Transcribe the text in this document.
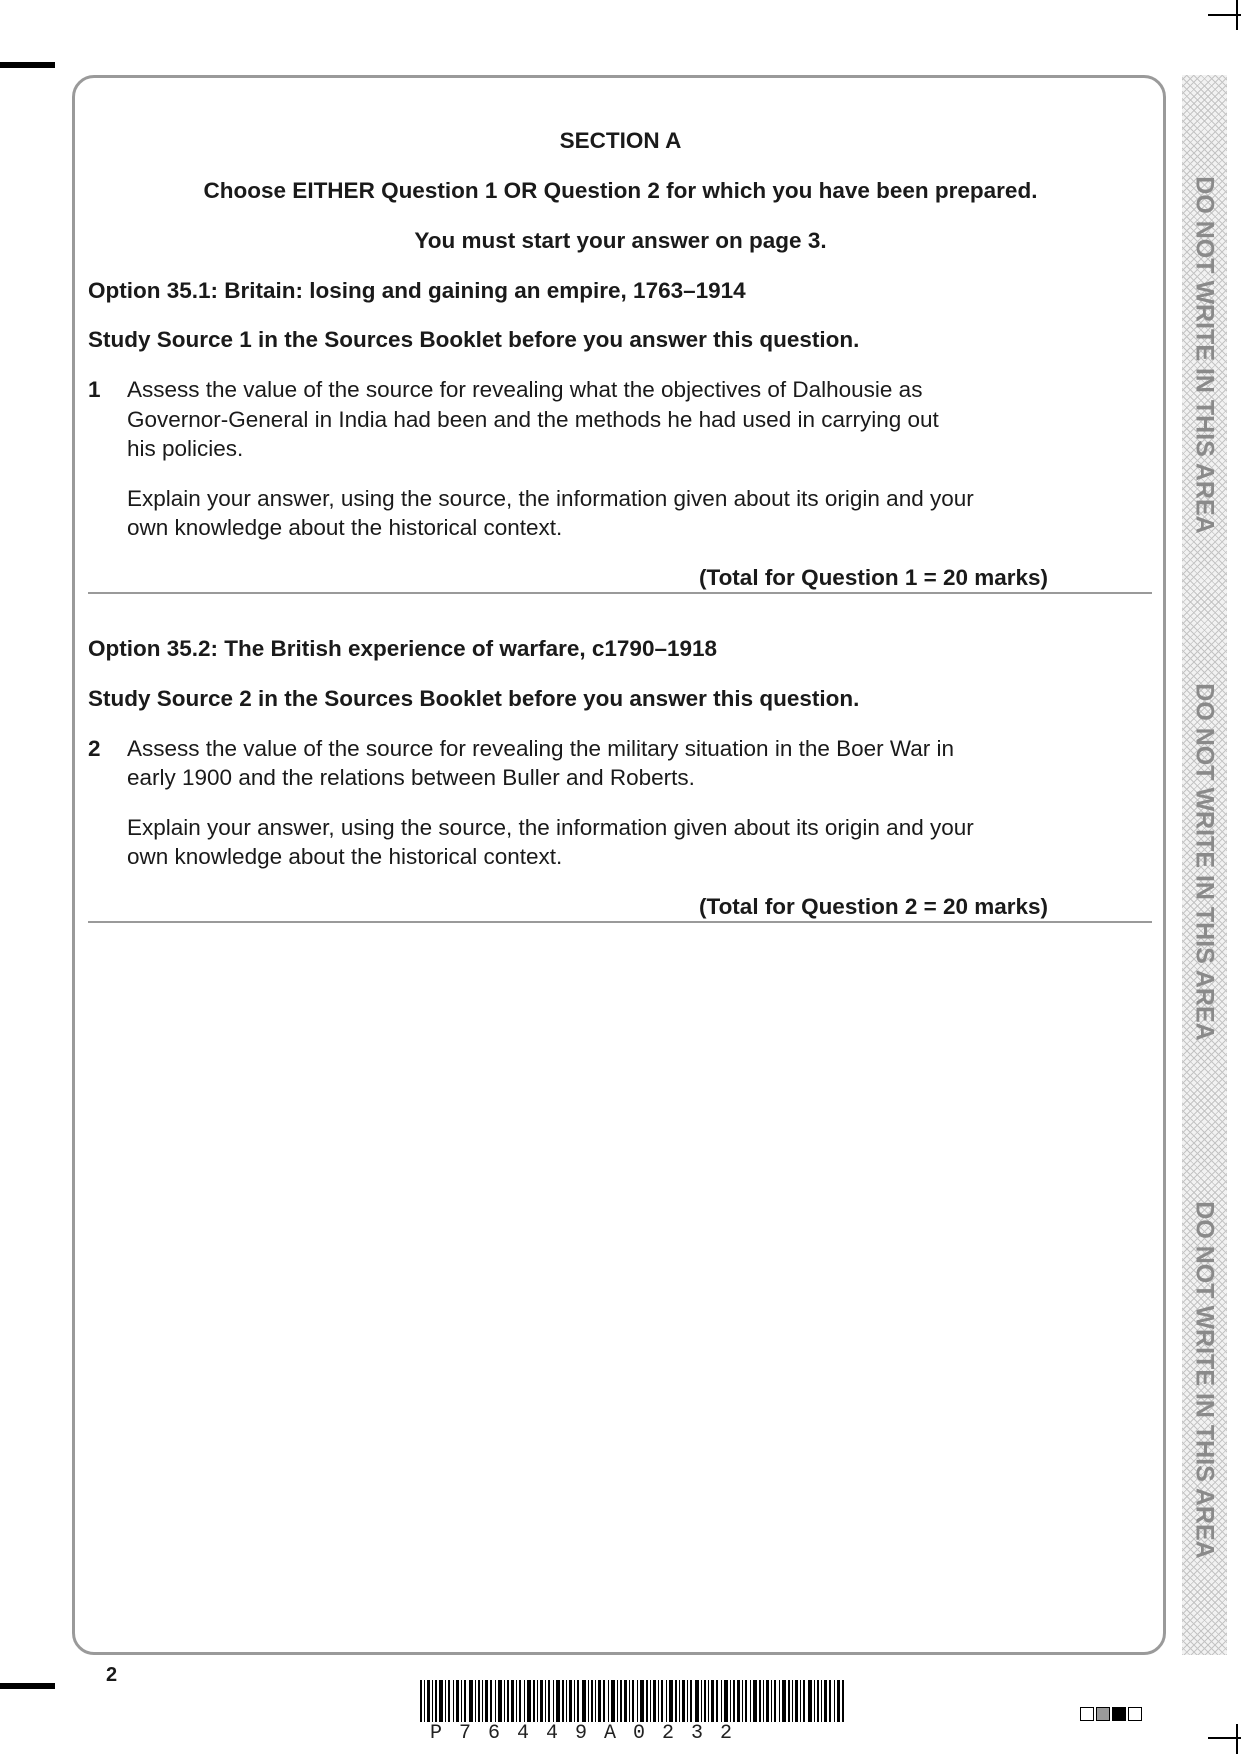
DO NOT WRITE IN THIS AREA
DO NOT WRITE IN THIS AREA
DO NOT WRITE IN THIS AREA
SECTION A
Choose EITHER Question 1 OR Question 2 for which you have been prepared.
You must start your answer on page 3.
Option 35.1: Britain: losing and gaining an empire, 1763–1914
Study Source 1 in the Sources Booklet before you answer this question.
1 Assess the value of the source for revealing what the objectives of Dalhousie as
Governor-General in India had been and the methods he had used in carrying out
his policies.
Explain your answer, using the source, the information given about its origin and your
own knowledge about the historical context.
(Total for Question 1 = 20 marks)
Option 35.2: The British experience of warfare, c1790–1918
Study Source 2 in the Sources Booklet before you answer this question.
2 Assess the value of the source for revealing the military situation in the Boer War in
early 1900 and the relations between Buller and Roberts.
Explain your answer, using the source, the information given about its origin and your
own knowledge about the historical context.
(Total for Question 2 = 20 marks)
2
P76449A0232
